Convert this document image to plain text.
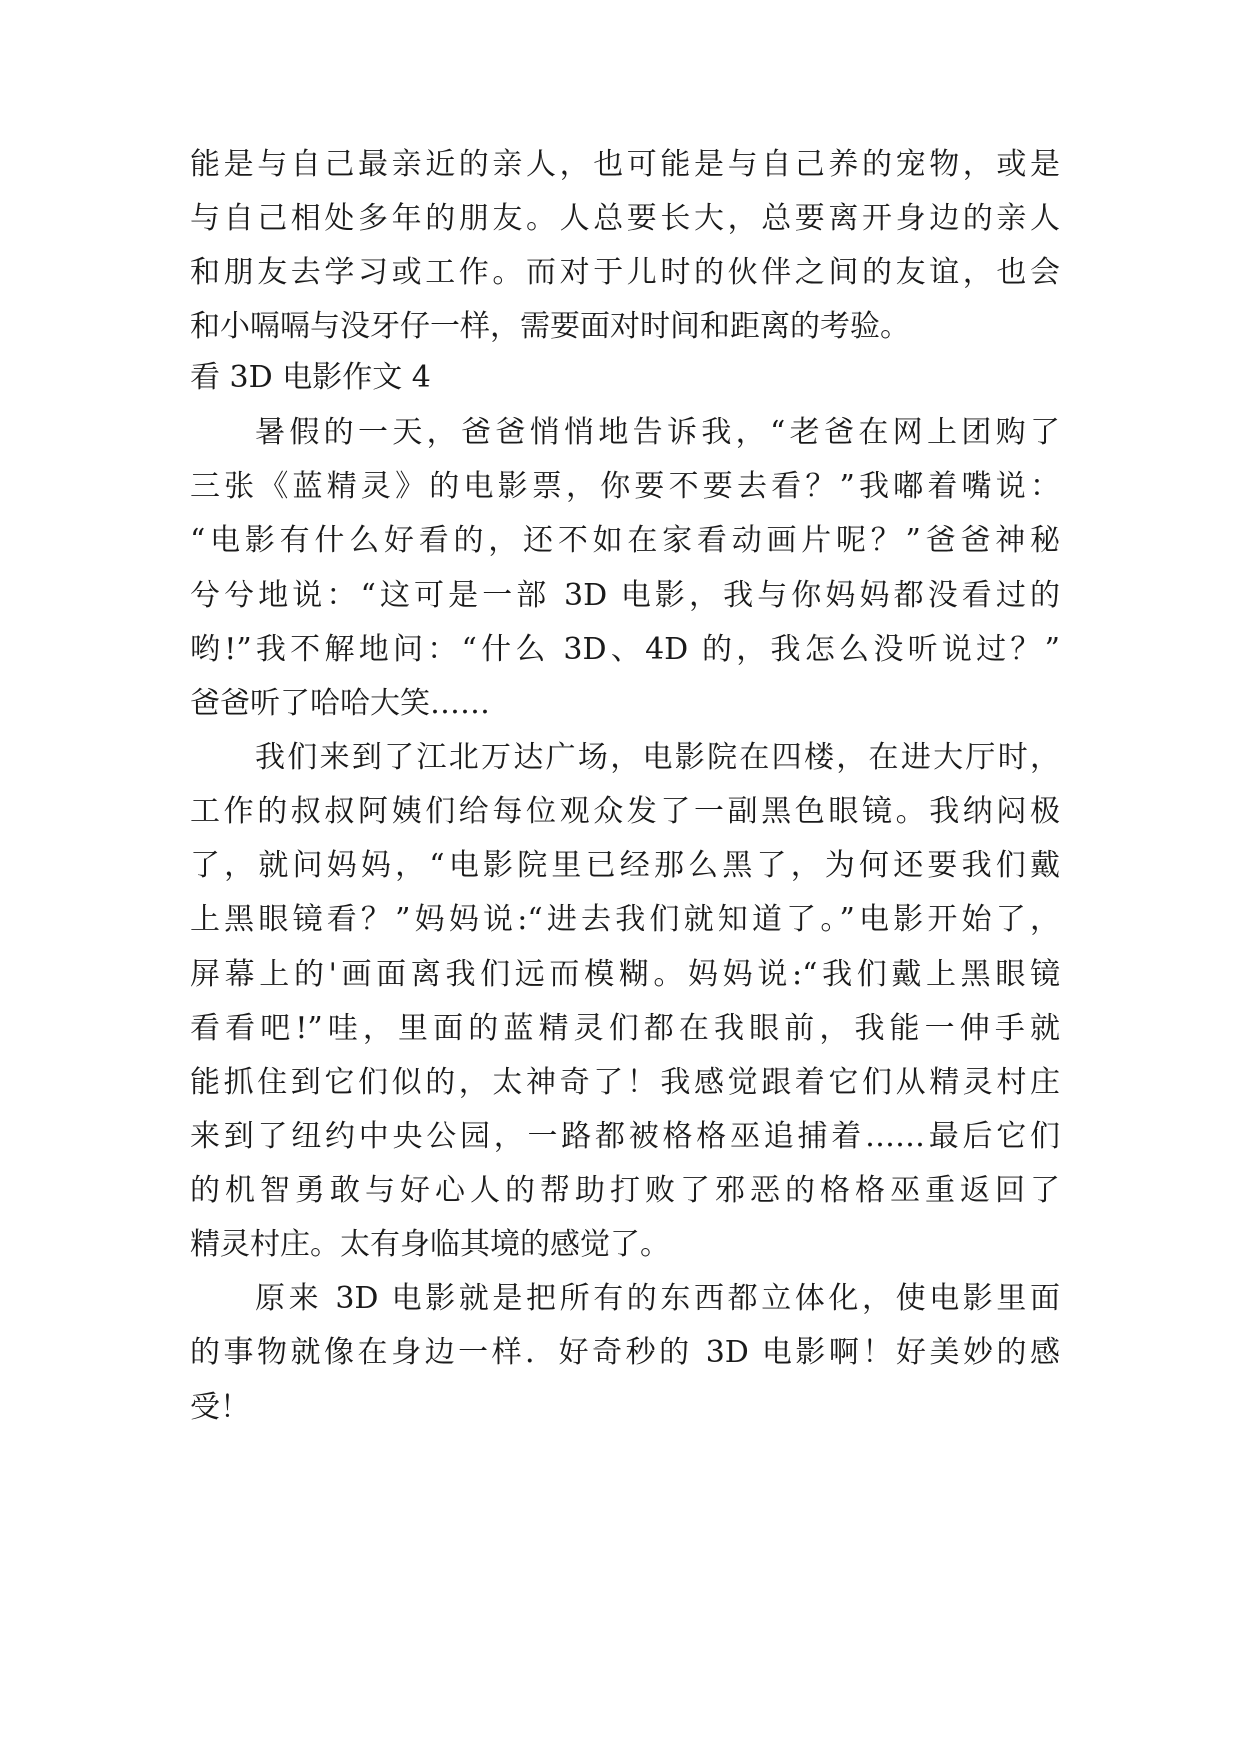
能是与自己最亲近的亲人，也可能是与自己养的宠物，或是
与自己相处多年的朋友。人总要长大，总要离开身边的亲人
和朋友去学习或工作。而对于儿时的伙伴之间的友谊，也会
和小嗝嗝与没牙仔一样，需要面对时间和距离的考验。
看 3D 电影作文 4
暑假的一天，爸爸悄悄地告诉我，“老爸在网上团购了
三张《蓝精灵》的电影票，你要不要去看？”我嘟着嘴说：
“电影有什么好看的，还不如在家看动画片呢？”爸爸神秘
兮兮地说：“这可是一部 3D 电影，我与你妈妈都没看过的
哟!”我不解地问：“什么 3D、4D 的，我怎么没听说过？”
爸爸听了哈哈大笑……
我们来到了江北万达广场，电影院在四楼，在进大厅时，
工作的叔叔阿姨们给每位观众发了一副黑色眼镜。我纳闷极
了，就问妈妈，“电影院里已经那么黑了，为何还要我们戴
上黑眼镜看？”妈妈说:“进去我们就知道了。”电影开始了，
屏幕上的'画面离我们远而模糊。妈妈说:“我们戴上黑眼镜
看看吧!”哇，里面的蓝精灵们都在我眼前，我能一伸手就
能抓住到它们似的，太神奇了！我感觉跟着它们从精灵村庄
来到了纽约中央公园，一路都被格格巫追捕着……最后它们
的机智勇敢与好心人的帮助打败了邪恶的格格巫重返回了
精灵村庄。太有身临其境的感觉了。
原来 3D 电影就是把所有的东西都立体化，使电影里面
的事物就像在身边一样．好奇秒的 3D 电影啊！好美妙的感
受！
